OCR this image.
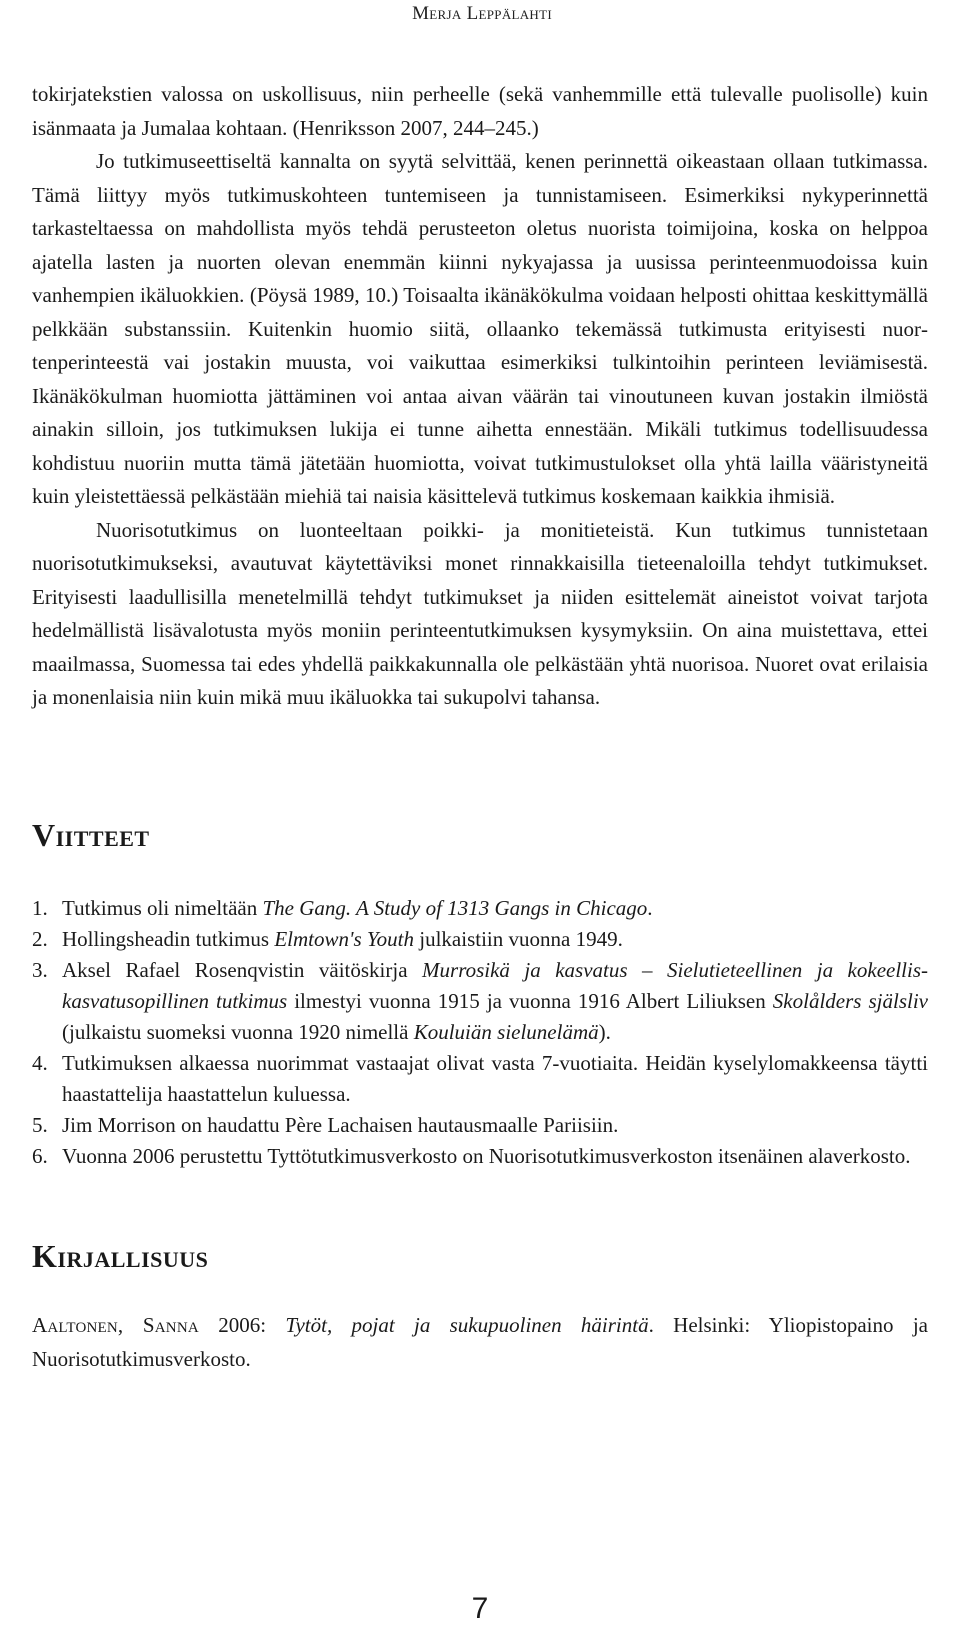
Merja Leppälahti

tokirjatekstien valossa on uskollisuus, niin perheelle (sekä vanhemmille että tulevalle puolisolle) kuin isänmaata ja Jumalaa kohtaan. (Henriksson 2007, 244–245.)

Jo tutkimuseettiseltä kannalta on syytä selvittää, kenen perinnettä oikeastaan ollaan tutkimassa. Tämä liittyy myös tutkimuskohteen tuntemiseen ja tunnistamiseen. Esimerkiksi nykyperinnettä tarkasteltaessa on mahdollista myös tehdä perusteeton oletus nuorista toimijoina, koska on helppoa ajatella lasten ja nuorten olevan enemmän kiinni nykyajassa ja uusissa perinteenmuodoissa kuin vanhempien ikäluokkien. (Pöysä 1989, 10.) Toisaalta ikänäkökulma voidaan helposti ohittaa keskittymällä pelkkään substanssiin. Kuitenkin huomio siitä, ollaanko tekemässä tutkimusta erityisesti nuortenperinteestä vai jostakin muusta, voi vaikuttaa esimerkiksi tulkintoihin perinteen leviämisestä. Ikänäkökulman huomiotta jättäminen voi antaa aivan väärän tai vinoutuneen kuvan jostakin ilmiöstä ainakin silloin, jos tutkimuksen lukija ei tunne aihetta ennestään. Mikäli tutkimus todellisuudessa kohdistuu nuoriin mutta tämä jätetään huomiotta, voivat tutkimustulokset olla yhtä lailla vääristyneitä kuin yleistettäessä pelkästään miehiä tai naisia käsittelevä tutkimus koskemaan kaikkia ihmisiä.

Nuorisotutkimus on luonteeltaan poikki- ja monitieteistä. Kun tutkimus tunnistetaan nuorisotutkimukseksi, avautuvat käytettäviksi monet rinnakkaisilla tieteenaloilla tehdyt tutkimukset. Erityisesti laadullisilla menetelmillä tehdyt tutkimukset ja niiden esittelemät aineistot voivat tarjota hedelmällistä lisävalotusta myös moniin perinteentutkimuksen kysymyksiin. On aina muistettava, ettei maailmassa, Suomessa tai edes yhdellä paikkakunnalla ole pelkästään yhtä nuorisoa. Nuoret ovat erilaisia ja monenlaisia niin kuin mikä muu ikäluokka tai sukupolvi tahansa.

Viitteet
1. Tutkimus oli nimeltään The Gang. A Study of 1313 Gangs in Chicago.
2. Hollingsheadin tutkimus Elmtown's Youth julkaistiin vuonna 1949.
3. Aksel Rafael Rosenqvistin väitöskirja Murrosikä ja kasvatus – Sielutieteellinen ja kokeellis-kasvatusopillinen tutkimus ilmestyi vuonna 1915 ja vuonna 1916 Albert Liliuksen Skolålders själsliv (julkaistu suomeksi vuonna 1920 nimellä Kouluiän sielunelämä).
4. Tutkimuksen alkaessa nuorimmat vastaajat olivat vasta 7-vuotiaita. Heidän kyselylomakkeensa täytti haastattelija haastattelun kuluessa.
5. Jim Morrison on haudattu Père Lachaisen hautausmaalle Pariisiin.
6. Vuonna 2006 perustettu Tyttötutkimusverkosto on Nuorisotutkimusverkoston itsenäinen alaverkosto.
Kirjallisuus

Aaltonen, Sanna 2006: Tytöt, pojat ja sukupuolinen häirintä. Helsinki: Yliopistopaino ja Nuorisotutkimusverkosto.

7
